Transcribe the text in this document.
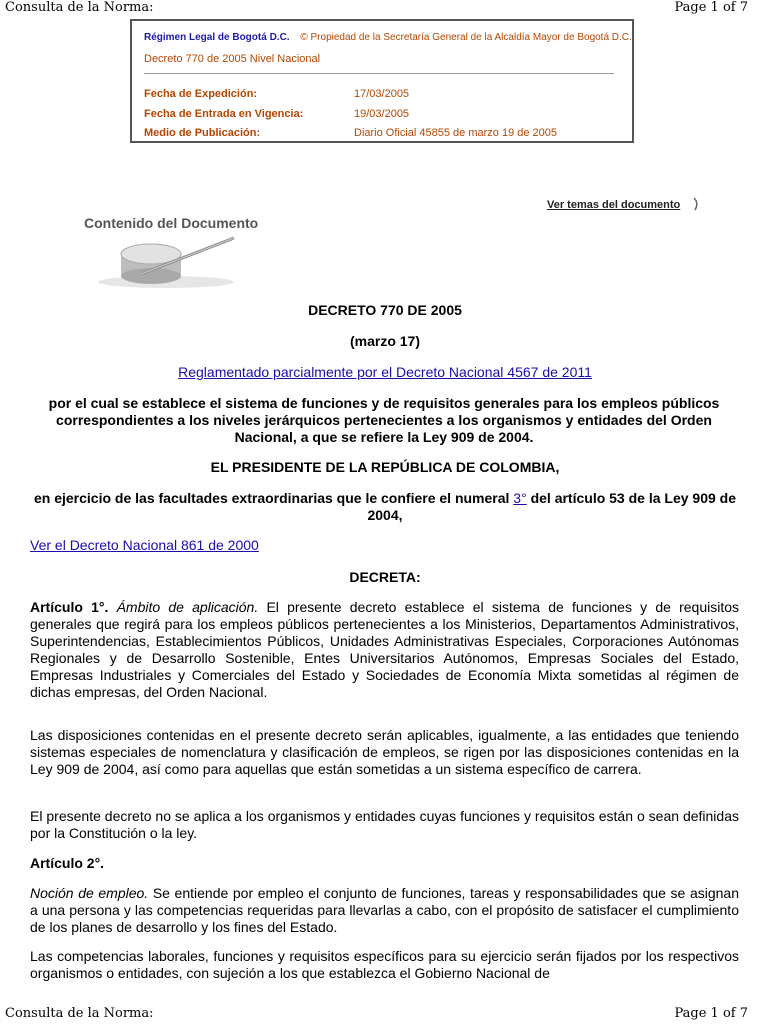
Consulta de la Norma:	Page 1 of 7
Régimen Legal de Bogotá D.C. © Propiedad de la Secretaría General de la Alcaldía Mayor de Bogotá D.C.
Decreto 770 de 2005 Nivel Nacional
Fecha de Expedición:	17/03/2005
Fecha de Entrada en Vigencia:	19/03/2005
Medio de Publicación:	Diario Oficial 45855 de marzo 19 de 2005
Ver temas del documento
Contenido del Documento
DECRETO 770 DE 2005
(marzo 17)
Reglamentado parcialmente por el Decreto Nacional 4567 de 2011
por el cual se establece el sistema de funciones y de requisitos generales para los empleos públicos correspondientes a los niveles jerárquicos pertenecientes a los organismos y entidades del Orden Nacional, a que se refiere la Ley 909 de 2004.
EL PRESIDENTE DE LA REPÚBLICA DE COLOMBIA,
en ejercicio de las facultades extraordinarias que le confiere el numeral 3° del artículo 53 de la Ley 909 de 2004,
Ver el Decreto Nacional 861 de 2000
DECRETA:
Artículo 1°. Ámbito de aplicación. El presente decreto establece el sistema de funciones y de requisitos generales que regirá para los empleos públicos pertenecientes a los Ministerios, Departamentos Administrativos, Superintendencias, Establecimientos Públicos, Unidades Administrativas Especiales, Corporaciones Autónomas Regionales y de Desarrollo Sostenible, Entes Universitarios Autónomos, Empresas Sociales del Estado, Empresas Industriales y Comerciales del Estado y Sociedades de Economía Mixta sometidas al régimen de dichas empresas, del Orden Nacional.
Las disposiciones contenidas en el presente decreto serán aplicables, igualmente, a las entidades que teniendo sistemas especiales de nomenclatura y clasificación de empleos, se rigen por las disposiciones contenidas en la Ley 909 de 2004, así como para aquellas que están sometidas a un sistema específico de carrera.
El presente decreto no se aplica a los organismos y entidades cuyas funciones y requisitos están o sean definidas por la Constitución o la ley.
Artículo 2°.
Noción de empleo. Se entiende por empleo el conjunto de funciones, tareas y responsabilidades que se asignan a una persona y las competencias requeridas para llevarlas a cabo, con el propósito de satisfacer el cumplimiento de los planes de desarrollo y los fines del Estado.
Las competencias laborales, funciones y requisitos específicos para su ejercicio serán fijados por los respectivos organismos o entidades, con sujeción a los que establezca el Gobierno Nacional de
Consulta de la Norma:	Page 1 of 7
